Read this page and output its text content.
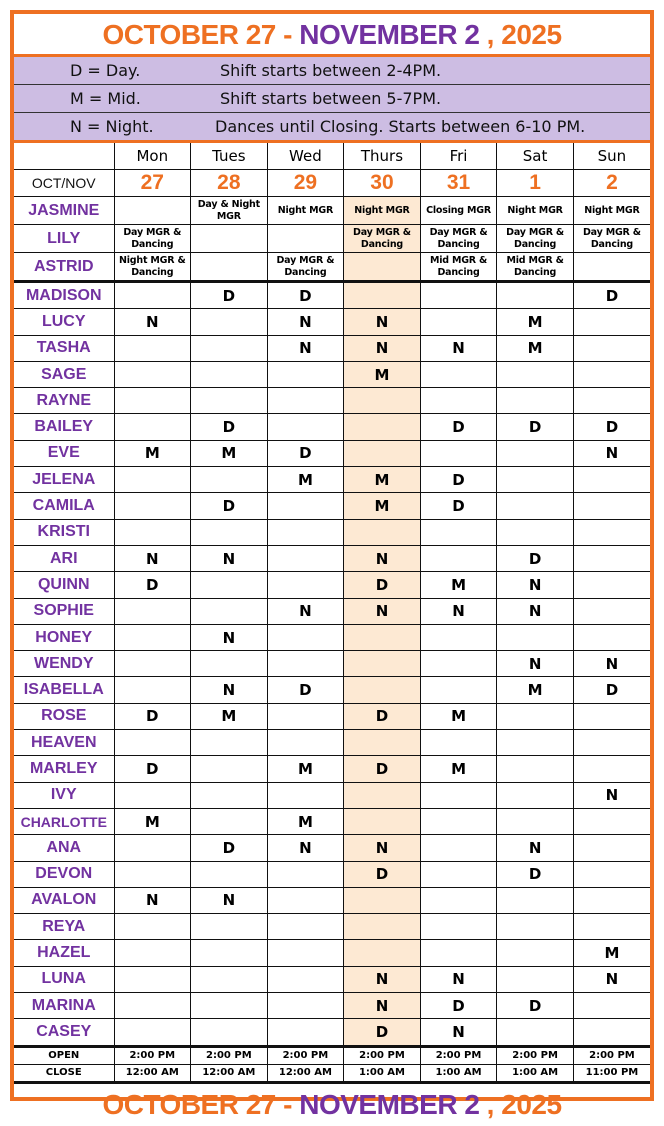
OCTOBER 27 - NOVEMBER 2 , 2025
D = Day.	Shift starts between 2-4PM.
M = Mid.	Shift starts between 5-7PM.
N = Night.	Dances until Closing. Starts between 6-10 PM.
	Mon	Tues	Wed	Thurs	Fri	Sat	Sun
OCT/NOV	27	28	29	30	31	1	2
JASMINE		Day & Night MGR	Night MGR	Night MGR	Closing MGR	Night MGR	Night MGR
LILY	Day MGR & Dancing			Day MGR & Dancing	Day MGR & Dancing	Day MGR & Dancing	Day MGR & Dancing
ASTRID	Night MGR & Dancing		Day MGR & Dancing		Mid MGR & Dancing	Mid MGR & Dancing	
MADISON		D	D				D
LUCY	N		N	N		M	
TASHA			N	N	N	M	
SAGE				M			
RAYNE							
BAILEY		D			D	D	D
EVE	M	M	D				N
JELENA			M	M	D		
CAMILA		D		M	D		
KRISTI							
ARI	N	N		N		D	
QUINN	D			D	M	N	
SOPHIE			N	N	N	N	
HONEY		N					
WENDY						N	N
ISABELLA		N	D			M	D
ROSE	D	M		D	M		
HEAVEN							
MARLEY	D		M	D	M		
IVY							N
CHARLOTTE	M		M				
ANA		D	N	N		N	
DEVON				D		D	
AVALON	N	N					
REYA							
HAZEL							M
LUNA				N	N		N
MARINA				N	D	D	
CASEY				D	N		
OPEN	2:00 PM	2:00 PM	2:00 PM	2:00 PM	2:00 PM	2:00 PM	2:00 PM
CLOSE	12:00 AM	12:00 AM	12:00 AM	1:00 AM	1:00 AM	1:00 AM	11:00 PM
OCTOBER 27 - NOVEMBER 2 , 2025
